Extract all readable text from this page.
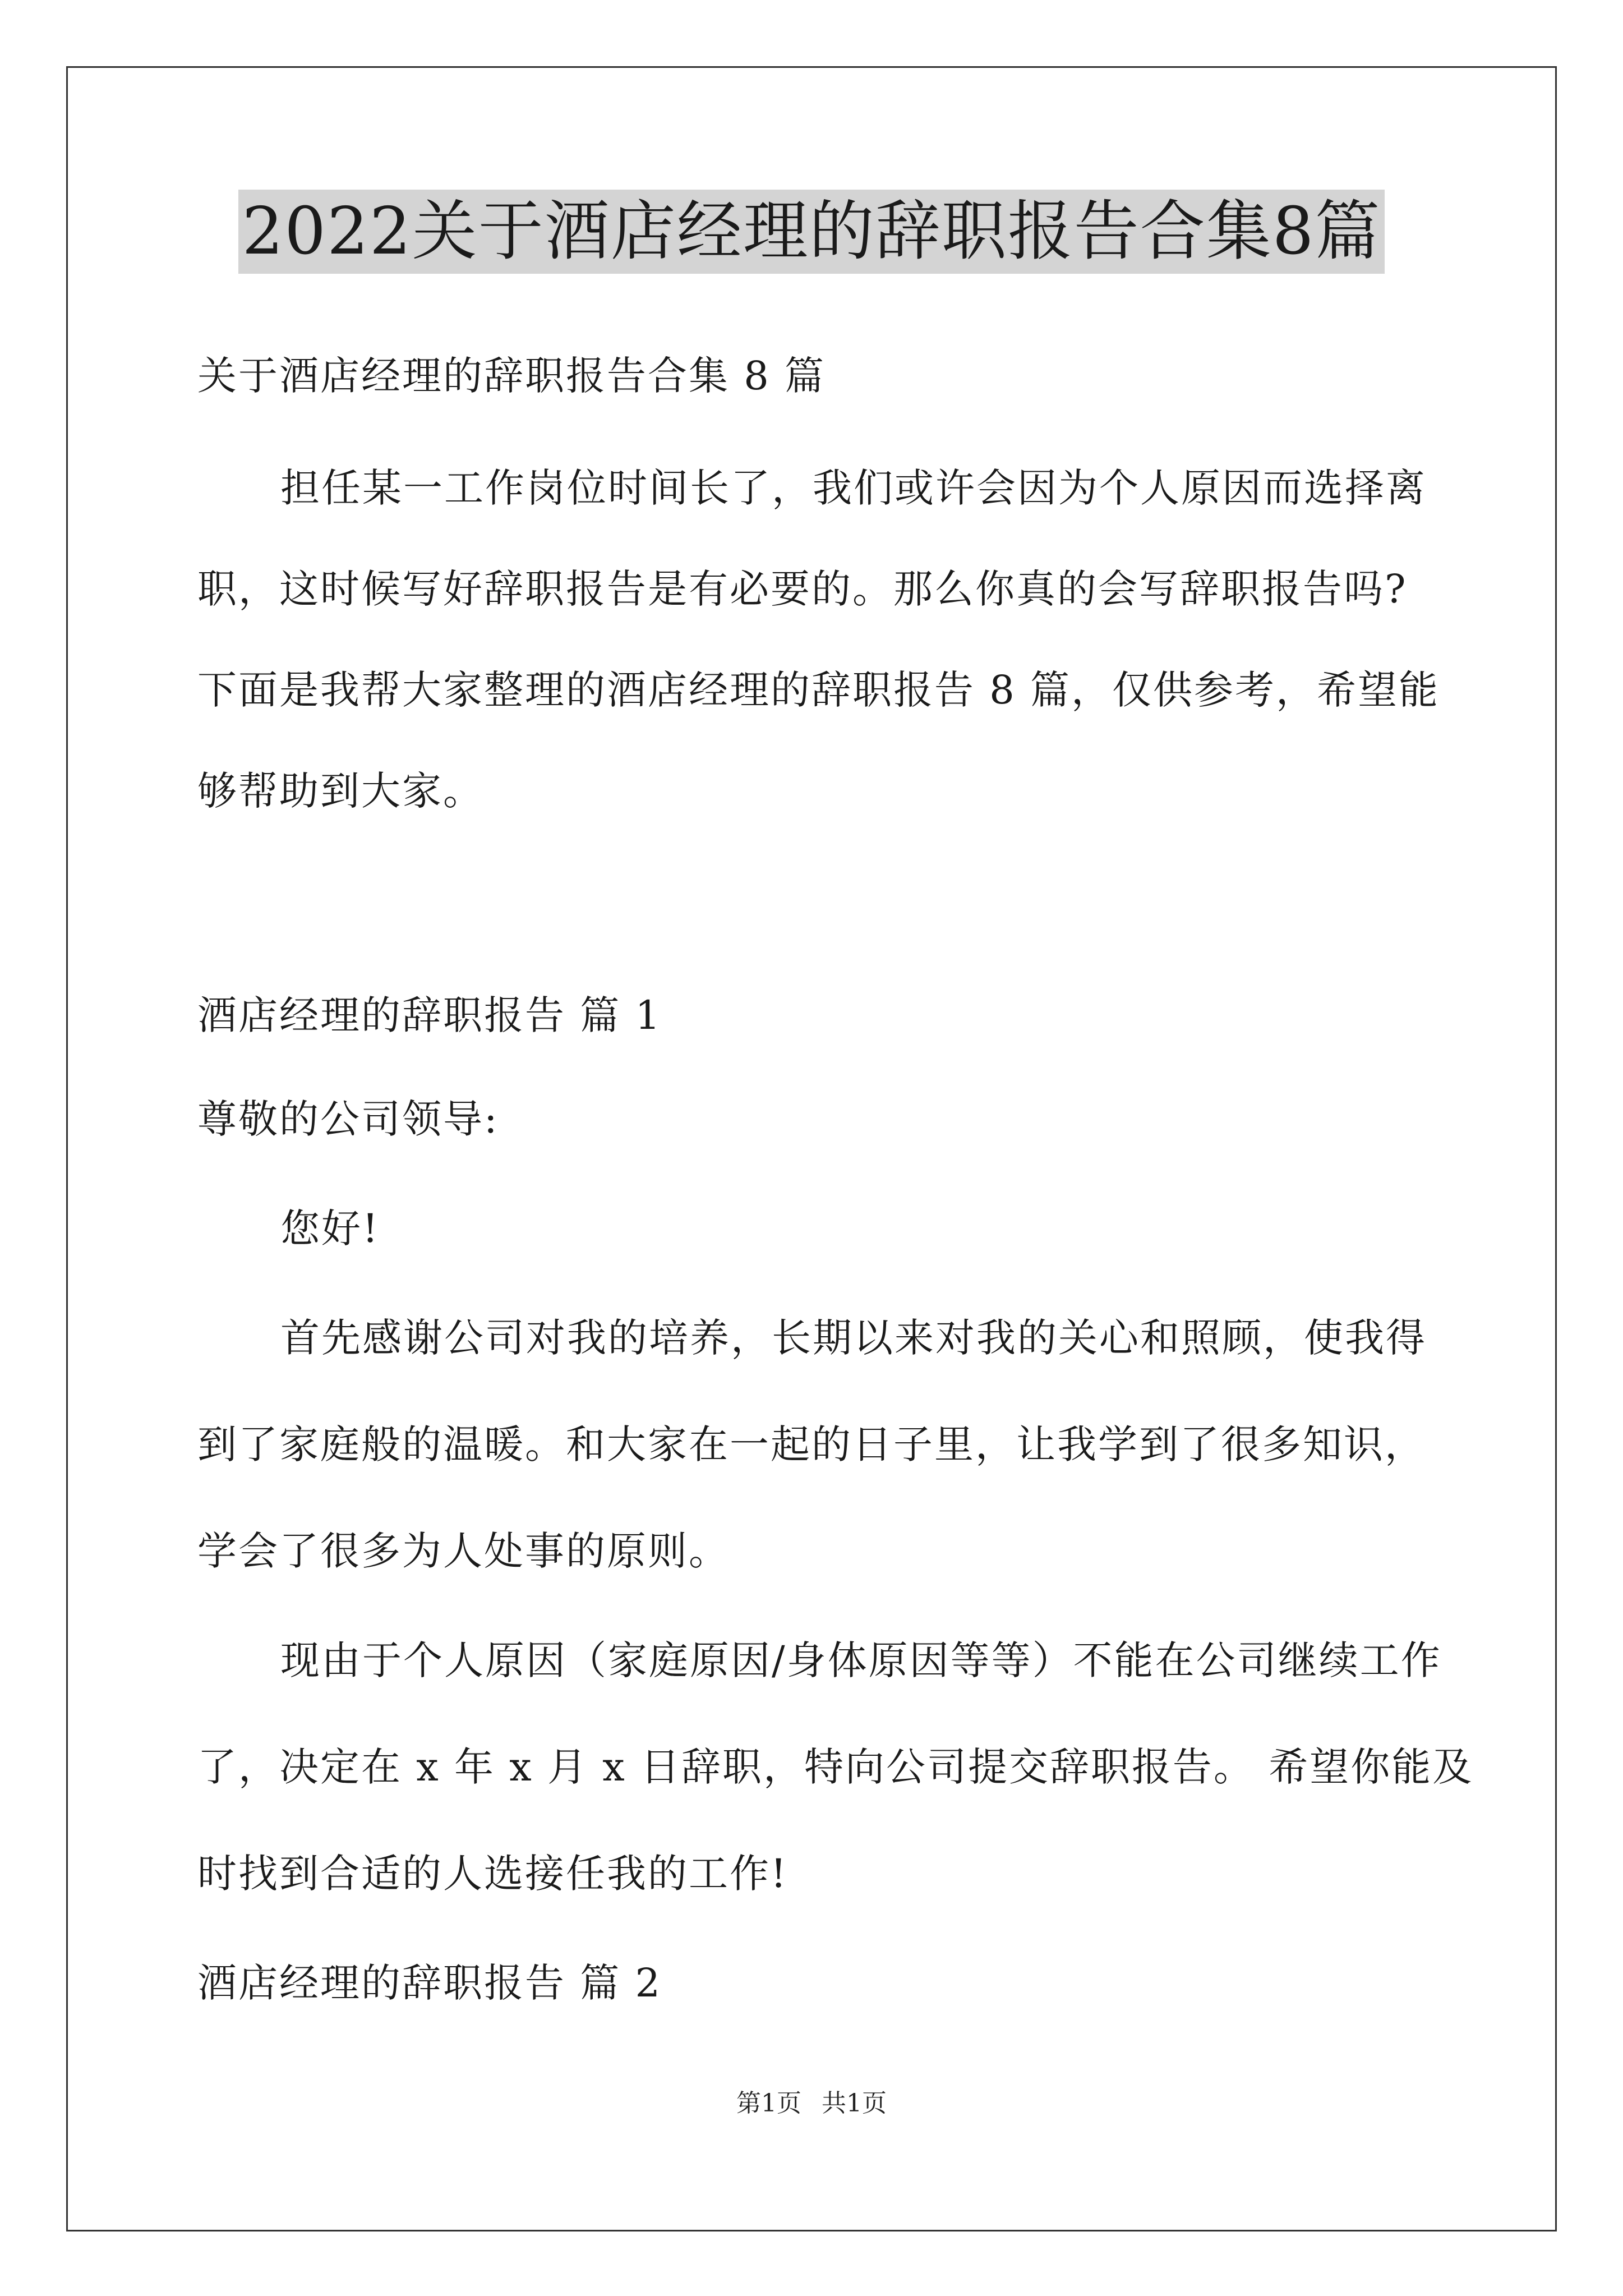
2022关于酒店经理的辞职报告合集8篇
关于酒店经理的辞职报告合集 8 篇
担任某一工作岗位时间长了，我们或许会因为个人原因而选择离
职，这时候写好辞职报告是有必要的。那么你真的会写辞职报告吗?
下面是我帮大家整理的酒店经理的辞职报告 8 篇，仅供参考，希望能
够帮助到大家。
酒店经理的辞职报告 篇 1
尊敬的公司领导:
您好!
首先感谢公司对我的培养，长期以来对我的关心和照顾，使我得
到了家庭般的温暖。和大家在一起的日子里，让我学到了很多知识，
学会了很多为人处事的原则。
现由于个人原因（家庭原因/身体原因等等）不能在公司继续工作
了，决定在 x 年 x 月 x 日辞职，特向公司提交辞职报告。 希望你能及
时找到合适的人选接任我的工作!
酒店经理的辞职报告 篇 2
第1页 共1页
